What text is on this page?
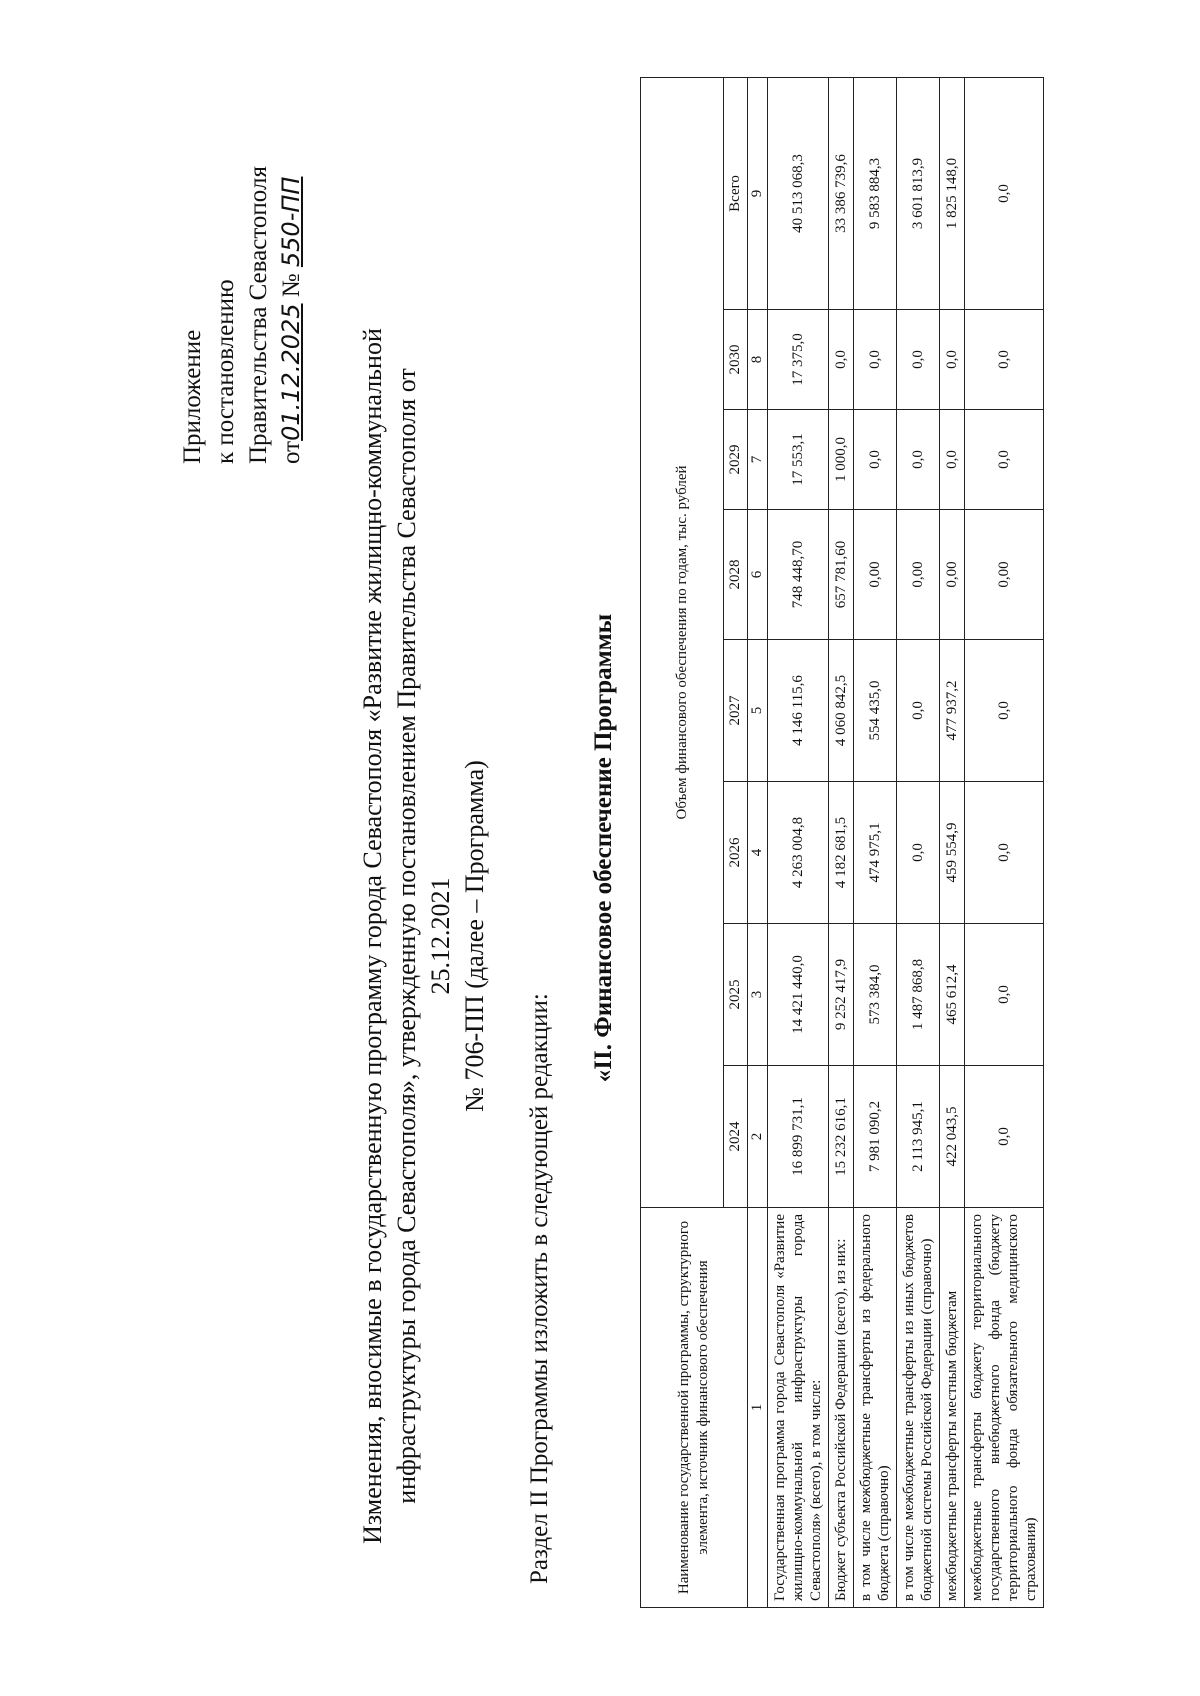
Приложение к постановлению Правительства Севастополя от01.12.2025 № 550-ПП
Изменения, вносимые в государственную программу города Севастополя «Развитие жилищно-коммунальной инфраструктуры города Севастополя», утвержденную постановлением Правительства Севастополя от 25.12.2021 № 706-ПП (далее – Программа)
Раздел II Программы изложить в следующей редакции:
«II. Финансовое обеспечение Программы
Наименование государственной программы, структурного элемента, источник финансового обеспечения	Объем финансового обеспечения по годам, тыс. рублей							
	2024	2025	2026	2027	2028	2029	2030	Всего
1	2	3	4	5	6	7	8	9
Государственная программа города Севастополя «Развитие жилищно-коммунальной инфраструктуры города Севастополя» (всего), в том числе:	16 899 731,1	14 421 440,0	4 263 004,8	4 146 115,6	748 448,70	17 553,1	17 375,0	40 513 068,3
Бюджет субъекта Российской Федерации (всего), из них:	15 232 616,1	9 252 417,9	4 182 681,5	4 060 842,5	657 781,60	1 000,0	0,0	33 386 739,6
в том числе межбюджетные трансферты из федерального бюджета (справочно)	7 981 090,2	573 384,0	474 975,1	554 435,0	0,00	0,0	0,0	9 583 884,3
в том числе межбюджетные трансферты из иных бюджетов бюджетной системы Российской Федерации (справочно)	2 113 945,1	1 487 868,8	0,0	0,0	0,00	0,0	0,0	3 601 813,9
межбюджетные трансферты местным бюджетам	422 043,5	465 612,4	459 554,9	477 937,2	0,00	0,0	0,0	1 825 148,0
межбюджетные трансферты бюджету территориального государственного внебюджетного фонда (бюджету территориального фонда обязательного медицинского страхования)	0,0	0,0	0,0	0,0	0,00	0,0	0,0	0,0
